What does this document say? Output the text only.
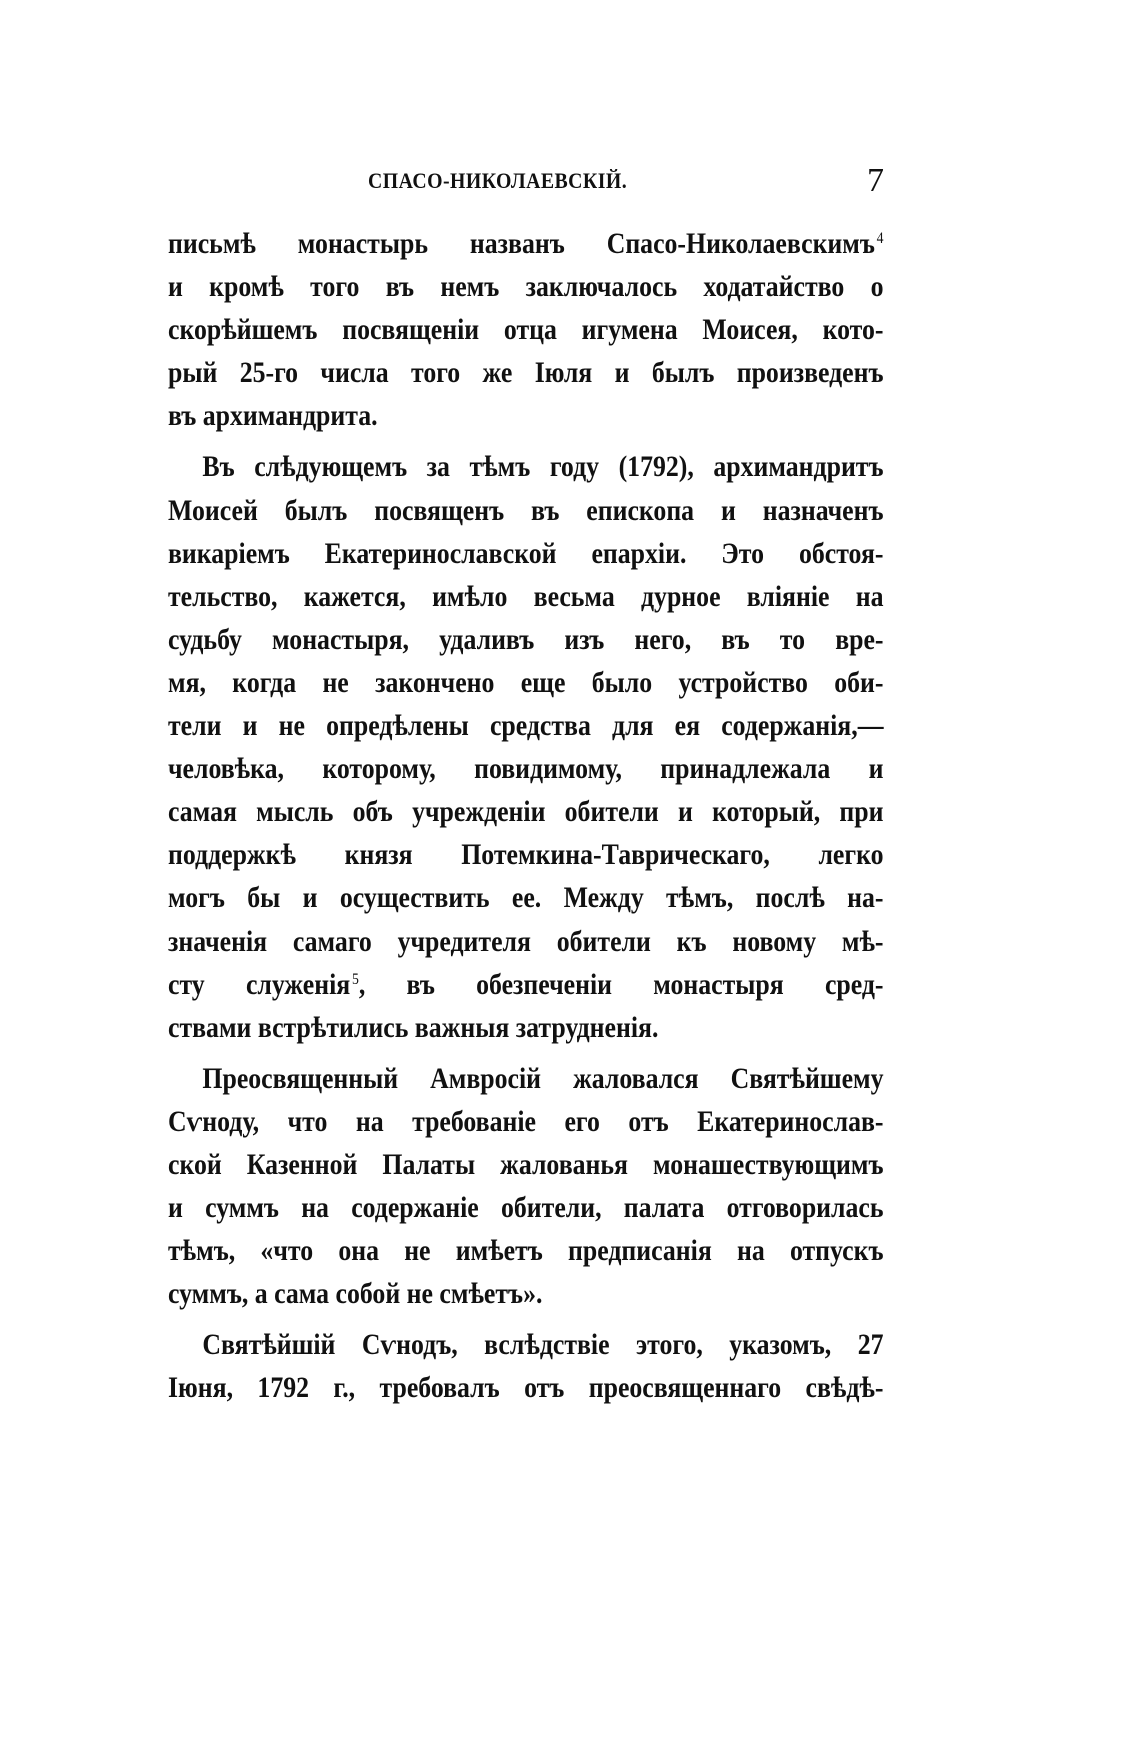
СПАСО-НИКОЛАЕВСКІЙ.	7
письмѣ монастырь названъ Спасо-Николаевскимъ $^4$
и кромѣ того въ немъ заключалось ходатайство о
скорѣйшемъ посвященіи отца игумена Моисея, кото-
рый 25-го числа того же Іюля и былъ произведенъ
въ архимандрита.
Въ слѣдующемъ за тѣмъ году (1792), архимандритъ
Моисей былъ посвященъ въ епископа и назначенъ
викаріемъ Екатеринославской епархіи. Это обстоя-
тельство, кажется, имѣло весьма дурное вліяніе на
судьбу монастыря, удаливъ изъ него, въ то вре-
мя, когда не закончено еще было устройство оби-
тели и не опредѣлены средства для ея содержанія,—
человѣка, которому, повидимому, принадлежала и
самая мысль объ учрежденіи обители и который, при
поддержкѣ князя Потемкина-Таврическаго, легко
могъ бы и осуществить ее. Между тѣмъ, послѣ на-
значенія самаго учредителя обители къ новому мѣ-
сту служенія $^5$, въ обезпеченіи монастыря сред-
ствами встрѣтились важныя затрудненія.
Преосвященный Амвросій жаловался Святѣйшему
Сѵноду, что на требованіе его отъ Екатеринослав-
ской Казенной Палаты жалованья монашествующимъ
и суммъ на содержаніе обители, палата отговорилась
тѣмъ, «что она не имѣетъ предписанія на отпускъ
суммъ, а сама собой не смѣетъ».
Святѣйшій Сѵнодъ, вслѣдствіе этого, указомъ, 27
Іюня, 1792 г., требовалъ отъ преосвященнаго свѣдѣ-
